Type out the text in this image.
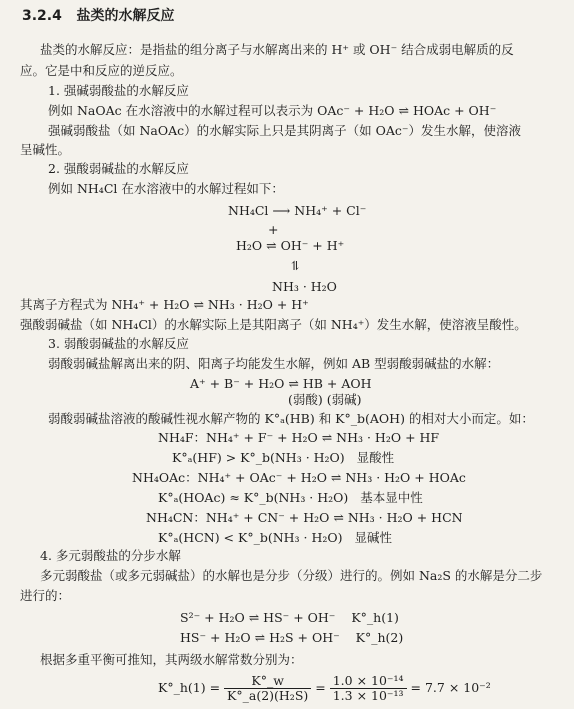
3.2.4 盐类的水解反应
盐类的水解反应：是指盐的组分离子与水解离出来的 H⁺ 或 OH⁻ 结合成弱电解质的反
应。它是中和反应的逆反应。
1. 强碱弱酸盐的水解反应
例如 NaOAc 在水溶液中的水解过程可以表示为 OAc⁻ + H₂O ⇌ HOAc + OH⁻
强碱弱酸盐（如 NaOAc）的水解实际上只是其阴离子（如 OAc⁻）发生水解，使溶液
呈碱性。
2. 强酸弱碱盐的水解反应
例如 NH₄Cl 在水溶液中的水解过程如下：
NH₄Cl ⟶ NH₄⁺ + Cl⁻
+
H₂O ⇌ OH⁻ + H⁺
⥮
NH₃ · H₂O
其离子方程式为 NH₄⁺ + H₂O ⇌ NH₃ · H₂O + H⁺
强酸弱碱盐（如 NH₄Cl）的水解实际上是其阳离子（如 NH₄⁺）发生水解，使溶液呈酸性。
3. 弱酸弱碱盐的水解反应
弱酸弱碱盐解离出来的阴、阳离子均能发生水解，例如 AB 型弱酸弱碱盐的水解：
A⁺ + B⁻ + H₂O ⇌ HB + AOH
(弱酸) (弱碱)
弱酸弱碱盐溶液的酸碱性视水解产物的 K°ₐ(HB) 和 K°_b(AOH) 的相对大小而定。如：
NH₄F：NH₄⁺ + F⁻ + H₂O ⇌ NH₃ · H₂O + HF
K°ₐ(HF) > K°_b(NH₃ · H₂O) 显酸性
NH₄OAc：NH₄⁺ + OAc⁻ + H₂O ⇌ NH₃ · H₂O + HOAc
K°ₐ(HOAc) ≈ K°_b(NH₃ · H₂O) 基本显中性
NH₄CN：NH₄⁺ + CN⁻ + H₂O ⇌ NH₃ · H₂O + HCN
K°ₐ(HCN) < K°_b(NH₃ · H₂O) 显碱性
4. 多元弱酸盐的分步水解
多元弱酸盐（或多元弱碱盐）的水解也是分步（分级）进行的。例如 Na₂S 的水解是分二步
进行的：
S²⁻ + H₂O ⇌ HS⁻ + OH⁻ K°_h(1)
HS⁻ + H₂O ⇌ H₂S + OH⁻ K°_h(2)
根据多重平衡可推知，其两级水解常数分别为：
K°_h(1) = $\frac{K^\circ\_w}{\text{K°\_a(2)(H₂S)}} = \frac{\text{1.0 × 10⁻¹⁴}}{\text{1.3 × 10⁻¹³}} = 7.7 \times 10^{-2}$
